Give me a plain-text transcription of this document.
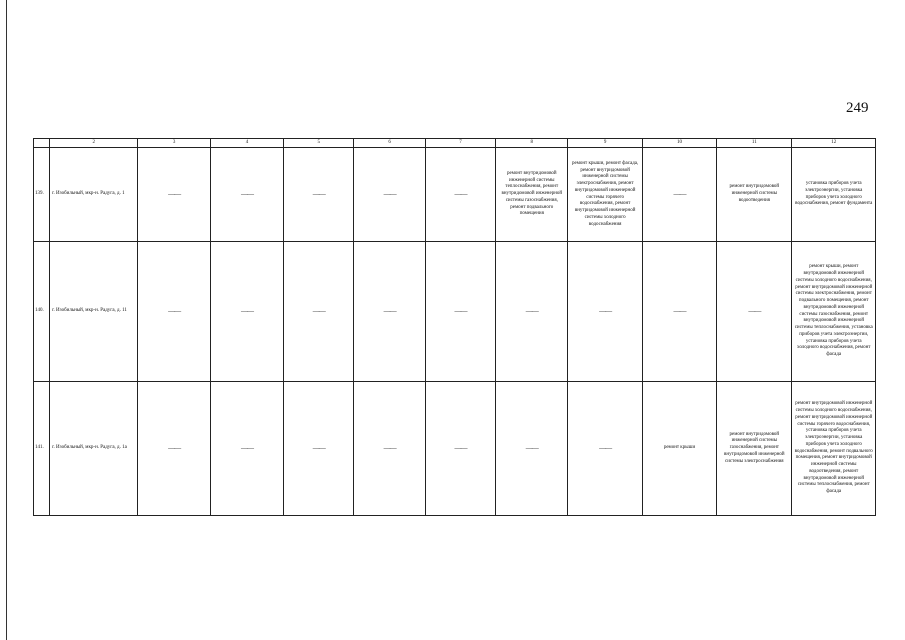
249
	2	3	4	5	6	7	8	9	10	11	12
139.	г. Изобильный, мкр-н. Радуга, д. 1	——	——	——	——	——	ремонт внутридомовой инженерной системы теплоснабжения, ремонт внутридомовой инженерной системы газоснабжения, ремонт подвального помещения	ремонт крыши, ремонт фасада, ремонт внутридомовой инженерной системы электроснабжения, ремонт внутридомовой инженерной системы горячего водоснабжения, ремонт внутридомовой инженерной системы холодного водоснабжения	——	ремонт внутридомовой инженерной системы водоотведения	установка приборов учета электроэнергии, установка приборов учета холодного водоснабжения, ремонт фундамента
140.	г. Изобильный, мкр-н. Радуга, д. 11	——	——	——	——	——	——	——	——	——	ремонт крыши, ремонт внутридомовой инженерной системы холодного водоснабжения, ремонт внутридомовой инженерной системы электроснабжения, ремонт подвального помещения, ремонт внутридомовой инженерной системы газоснабжения, ремонт внутридомовой инженерной системы теплоснабжения, установка приборов учета электроэнергии, установка приборов учета холодного водоснабжения, ремонт фасада
141.	г. Изобильный, мкр-н. Радуга, д. 1а	——	——	——	——	——	——	——	ремонт крыши	ремонт внутридомовой инженерной системы газоснабжения, ремонт внутридомовой инженерной системы электроснабжения	ремонт внутридомовой инженерной системы холодного водоснабжения, ремонт внутридомовой инженерной системы горячего водоснабжения, установка приборов учета электроэнергии, установка приборов учета холодного водоснабжения, ремонт подвального помещения, ремонт внутридомовой инженерной системы водоотведения, ремонт внутридомовой инженерной системы теплоснабжения, ремонт фасада
